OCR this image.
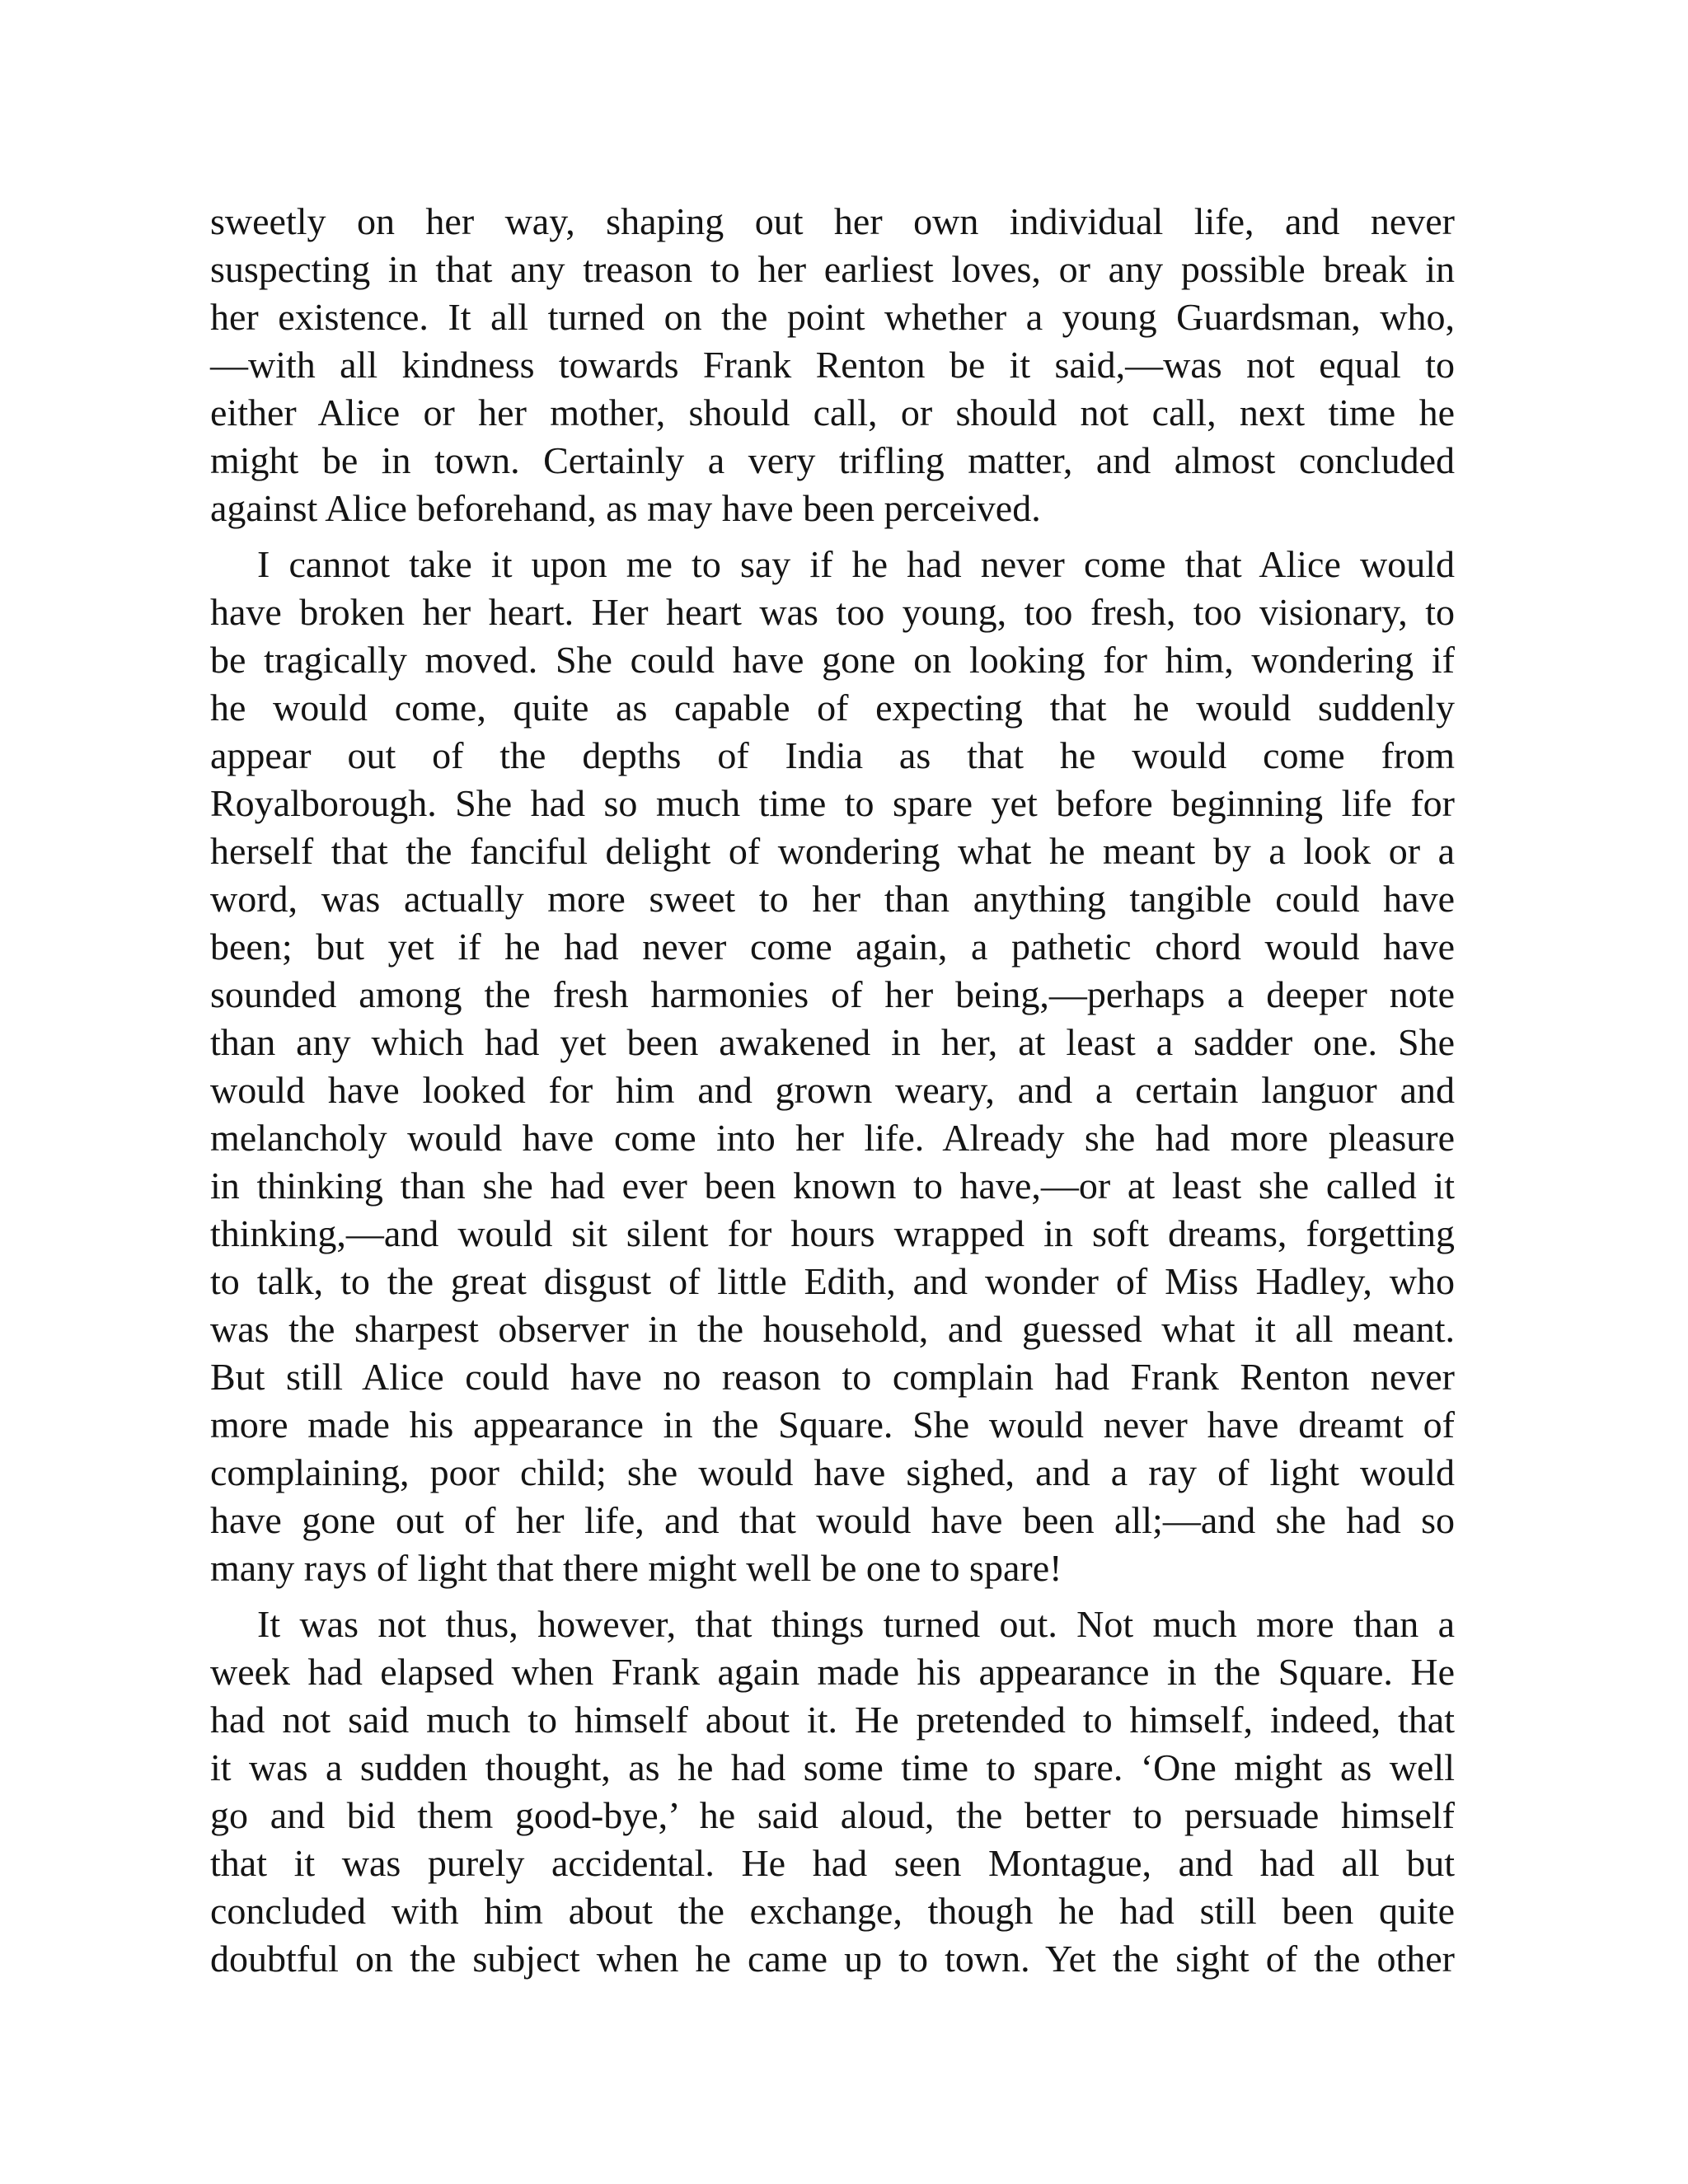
sweetly on her way, shaping out her own individual life, and never
suspecting in that any treason to her earliest loves, or any possible break in
her existence. It all turned on the point whether a young Guardsman, who,
—with all kindness towards Frank Renton be it said,—was not equal to
either Alice or her mother, should call, or should not call, next time he
might be in town. Certainly a very trifling matter, and almost concluded
against Alice beforehand, as may have been perceived.
I cannot take it upon me to say if he had never come that Alice would
have broken her heart. Her heart was too young, too fresh, too visionary, to
be tragically moved. She could have gone on looking for him, wondering if
he would come, quite as capable of expecting that he would suddenly
appear out of the depths of India as that he would come from
Royalborough. She had so much time to spare yet before beginning life for
herself that the fanciful delight of wondering what he meant by a look or a
word, was actually more sweet to her than anything tangible could have
been; but yet if he had never come again, a pathetic chord would have
sounded among the fresh harmonies of her being,—perhaps a deeper note
than any which had yet been awakened in her, at least a sadder one. She
would have looked for him and grown weary, and a certain languor and
melancholy would have come into her life. Already she had more pleasure
in thinking than she had ever been known to have,—or at least she called it
thinking,—and would sit silent for hours wrapped in soft dreams, forgetting
to talk, to the great disgust of little Edith, and wonder of Miss Hadley, who
was the sharpest observer in the household, and guessed what it all meant.
But still Alice could have no reason to complain had Frank Renton never
more made his appearance in the Square. She would never have dreamt of
complaining, poor child; she would have sighed, and a ray of light would
have gone out of her life, and that would have been all;—and she had so
many rays of light that there might well be one to spare!
It was not thus, however, that things turned out. Not much more than a
week had elapsed when Frank again made his appearance in the Square. He
had not said much to himself about it. He pretended to himself, indeed, that
it was a sudden thought, as he had some time to spare. ‘One might as well
go and bid them good-bye,’ he said aloud, the better to persuade himself
that it was purely accidental. He had seen Montague, and had all but
concluded with him about the exchange, though he had still been quite
doubtful on the subject when he came up to town. Yet the sight of the other
